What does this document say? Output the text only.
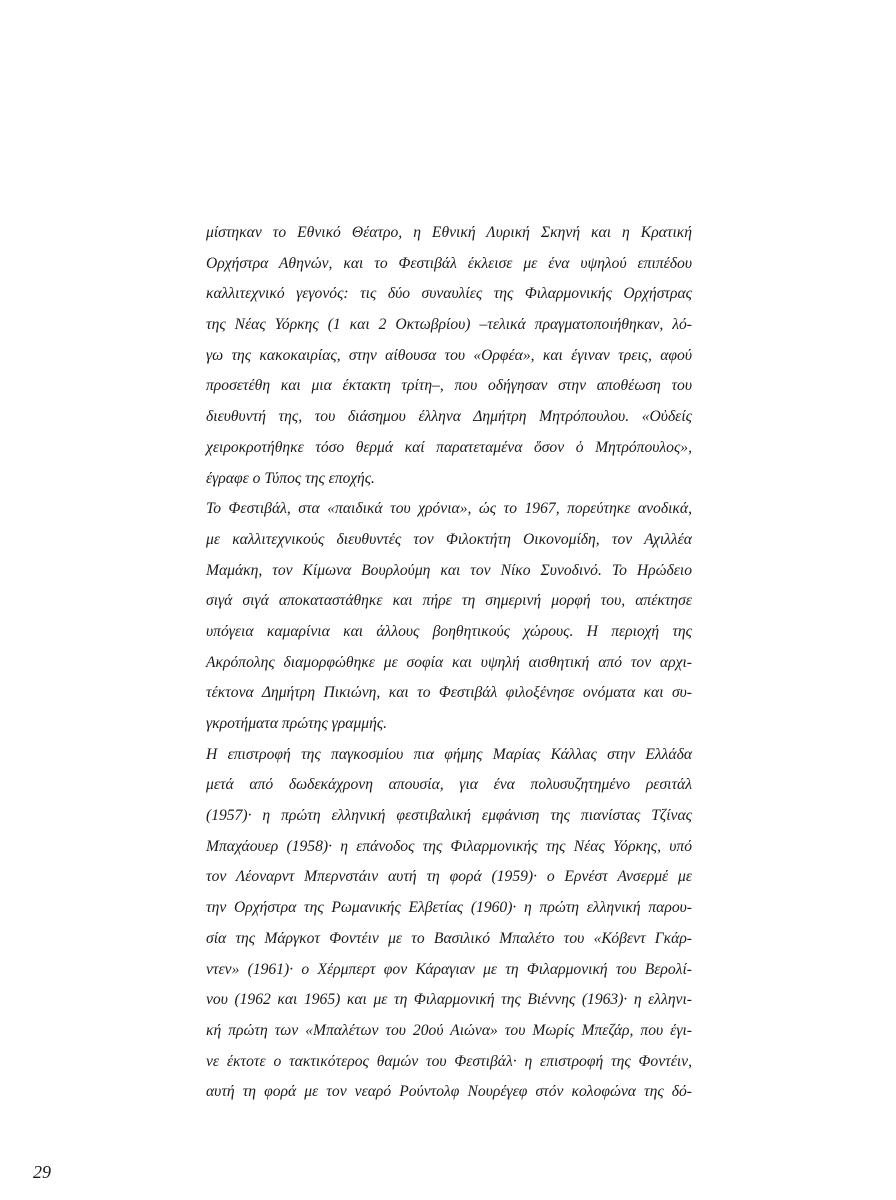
μίστηκαν το Εθνικό Θέατρο, η Εθνική Λυρική Σκηνή και η Κρατική
Ορχήστρα Αθηνών, και το Φεστιβάλ έκλεισε με ένα υψηλού επιπέδου
καλλιτεχνικό γεγονός: τις δύο συναυλίες της Φιλαρμονικής Ορχήστρας
της Νέας Υόρκης (1 και 2 Οκτωβρίου) –τελικά πραγματοποιήθηκαν, λό-
γω της κακοκαιρίας, στην αίθουσα του «Ορφέα», και έγιναν τρεις, αφού
προσετέθη και μια έκτακτη τρίτη–, που οδήγησαν στην αποθέωση του
διευθυντή της, του διάσημου έλληνα Δημήτρη Μητρόπουλου. «Οὐδείς
χειροκροτήθηκε τόσο θερμά καί παρατεταμένα ὅσον ὁ Μητρόπουλος»,
έγραφε ο Τύπος της εποχής.
Το Φεστιβάλ, στα «παιδικά του χρόνια», ώς το 1967, πορεύτηκε ανοδικά,
με καλλιτεχνικούς διευθυντές τον Φιλοκτήτη Οικονομίδη, τον Αχιλλέα
Μαμάκη, τον Κίμωνα Βουρλούμη και τον Νίκο Συνοδινό. Το Ηρώδειο
σιγά σιγά αποκαταστάθηκε και πήρε τη σημερινή μορφή του, απέκτησε
υπόγεια καμαρίνια και άλλους βοηθητικούς χώρους. Η περιοχή της
Ακρόπολης διαμορφώθηκε με σοφία και υψηλή αισθητική από τον αρχι-
τέκτονα Δημήτρη Πικιώνη, και το Φεστιβάλ φιλοξένησε ονόματα και συ-
γκροτήματα πρώτης γραμμής.
Η επιστροφή της παγκοσμίου πια φήμης Μαρίας Κάλλας στην Ελλάδα
μετά από δωδεκάχρονη απουσία, για ένα πολυσυζητημένο ρεσιτάλ
(1957)· η πρώτη ελληνική φεστιβαλική εμφάνιση της πιανίστας Τζίνας
Μπαχάουερ (1958)· η επάνοδος της Φιλαρμονικής της Νέας Υόρκης, υπό
τον Λέοναρντ Μπερνστάιν αυτή τη φορά (1959)· ο Ερνέστ Ανσερμέ με
την Ορχήστρα της Ρωμανικής Ελβετίας (1960)· η πρώτη ελληνική παρου-
σία της Μάργκοτ Φοντέιν με το Βασιλικό Μπαλέτο του «Κόβεντ Γκάρ-
ντεν» (1961)· ο Χέρμπερτ φον Κάραγιαν με τη Φιλαρμονική του Βερολί-
νου (1962 και 1965) και με τη Φιλαρμονική της Βιέννης (1963)· η ελληνι-
κή πρώτη των «Μπαλέτων του 20ού Αιώνα» του Μωρίς Μπεζάρ, που έγι-
νε έκτοτε ο τακτικότερος θαμών του Φεστιβάλ· η επιστροφή της Φοντέιν,
αυτή τη φορά με τον νεαρό Ρούντολφ Νουρέγεφ στόν κολοφώνα της δό-
29
